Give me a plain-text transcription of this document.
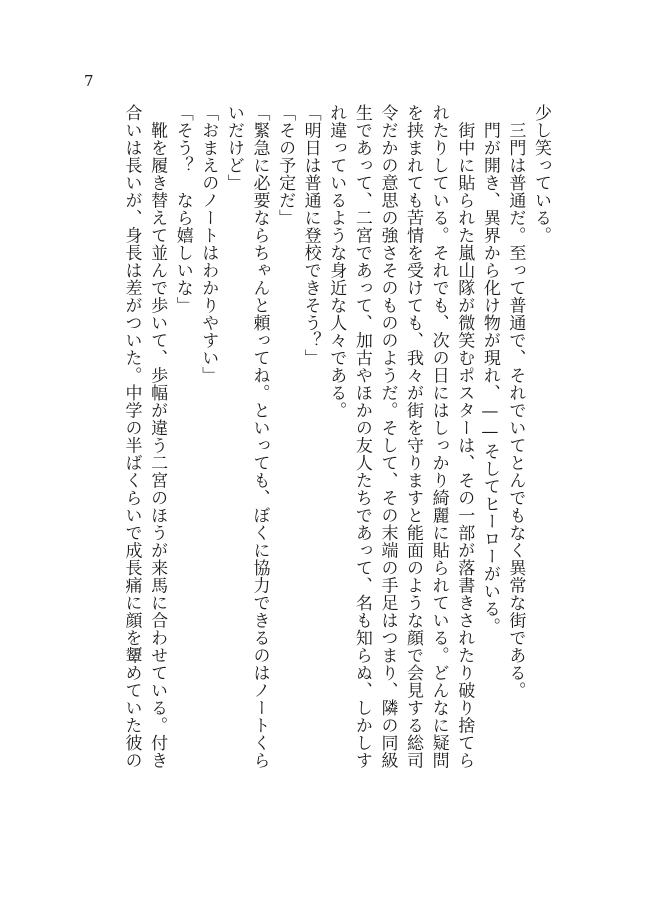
7

少し笑っている。

　三門は普通だ。至って普通で、それでいてとんでもなく異常な街である。

　門が開き、異界から化け物が現れ、——そしてヒーローがいる。

　街中に貼られた嵐山隊が微笑むポスターは、その一部が落書きされたり破り捨てら

れたりしている。それでも、次の日にはしっかり綺麗に貼られている。どんなに疑問

を挟まれても苦情を受けても、我々が街を守りますと能面のような顔で会見する総司

令だかの意思の強さそのもののようだ。そして、その末端の手足はつまり、隣の同級

生であって、二宮であって、加古やほかの友人たちであって、名も知らぬ、しかしす

れ違っているような身近な人々である。

「明日は普通に登校できそう？」

「その予定だ」

「緊急に必要ならちゃんと頼ってね。といっても、ぼくに協力できるのはノートくら

いだけど」

「おまえのノートはわかりやすい」

「そう？　なら嬉しいな」

　靴を履き替えて並んで歩いて、歩幅が違う二宮のほうが来馬に合わせている。付き

合いは長いが、身長は差がついた。中学の半ばくらいで成長痛に顔を顰めていた彼の
